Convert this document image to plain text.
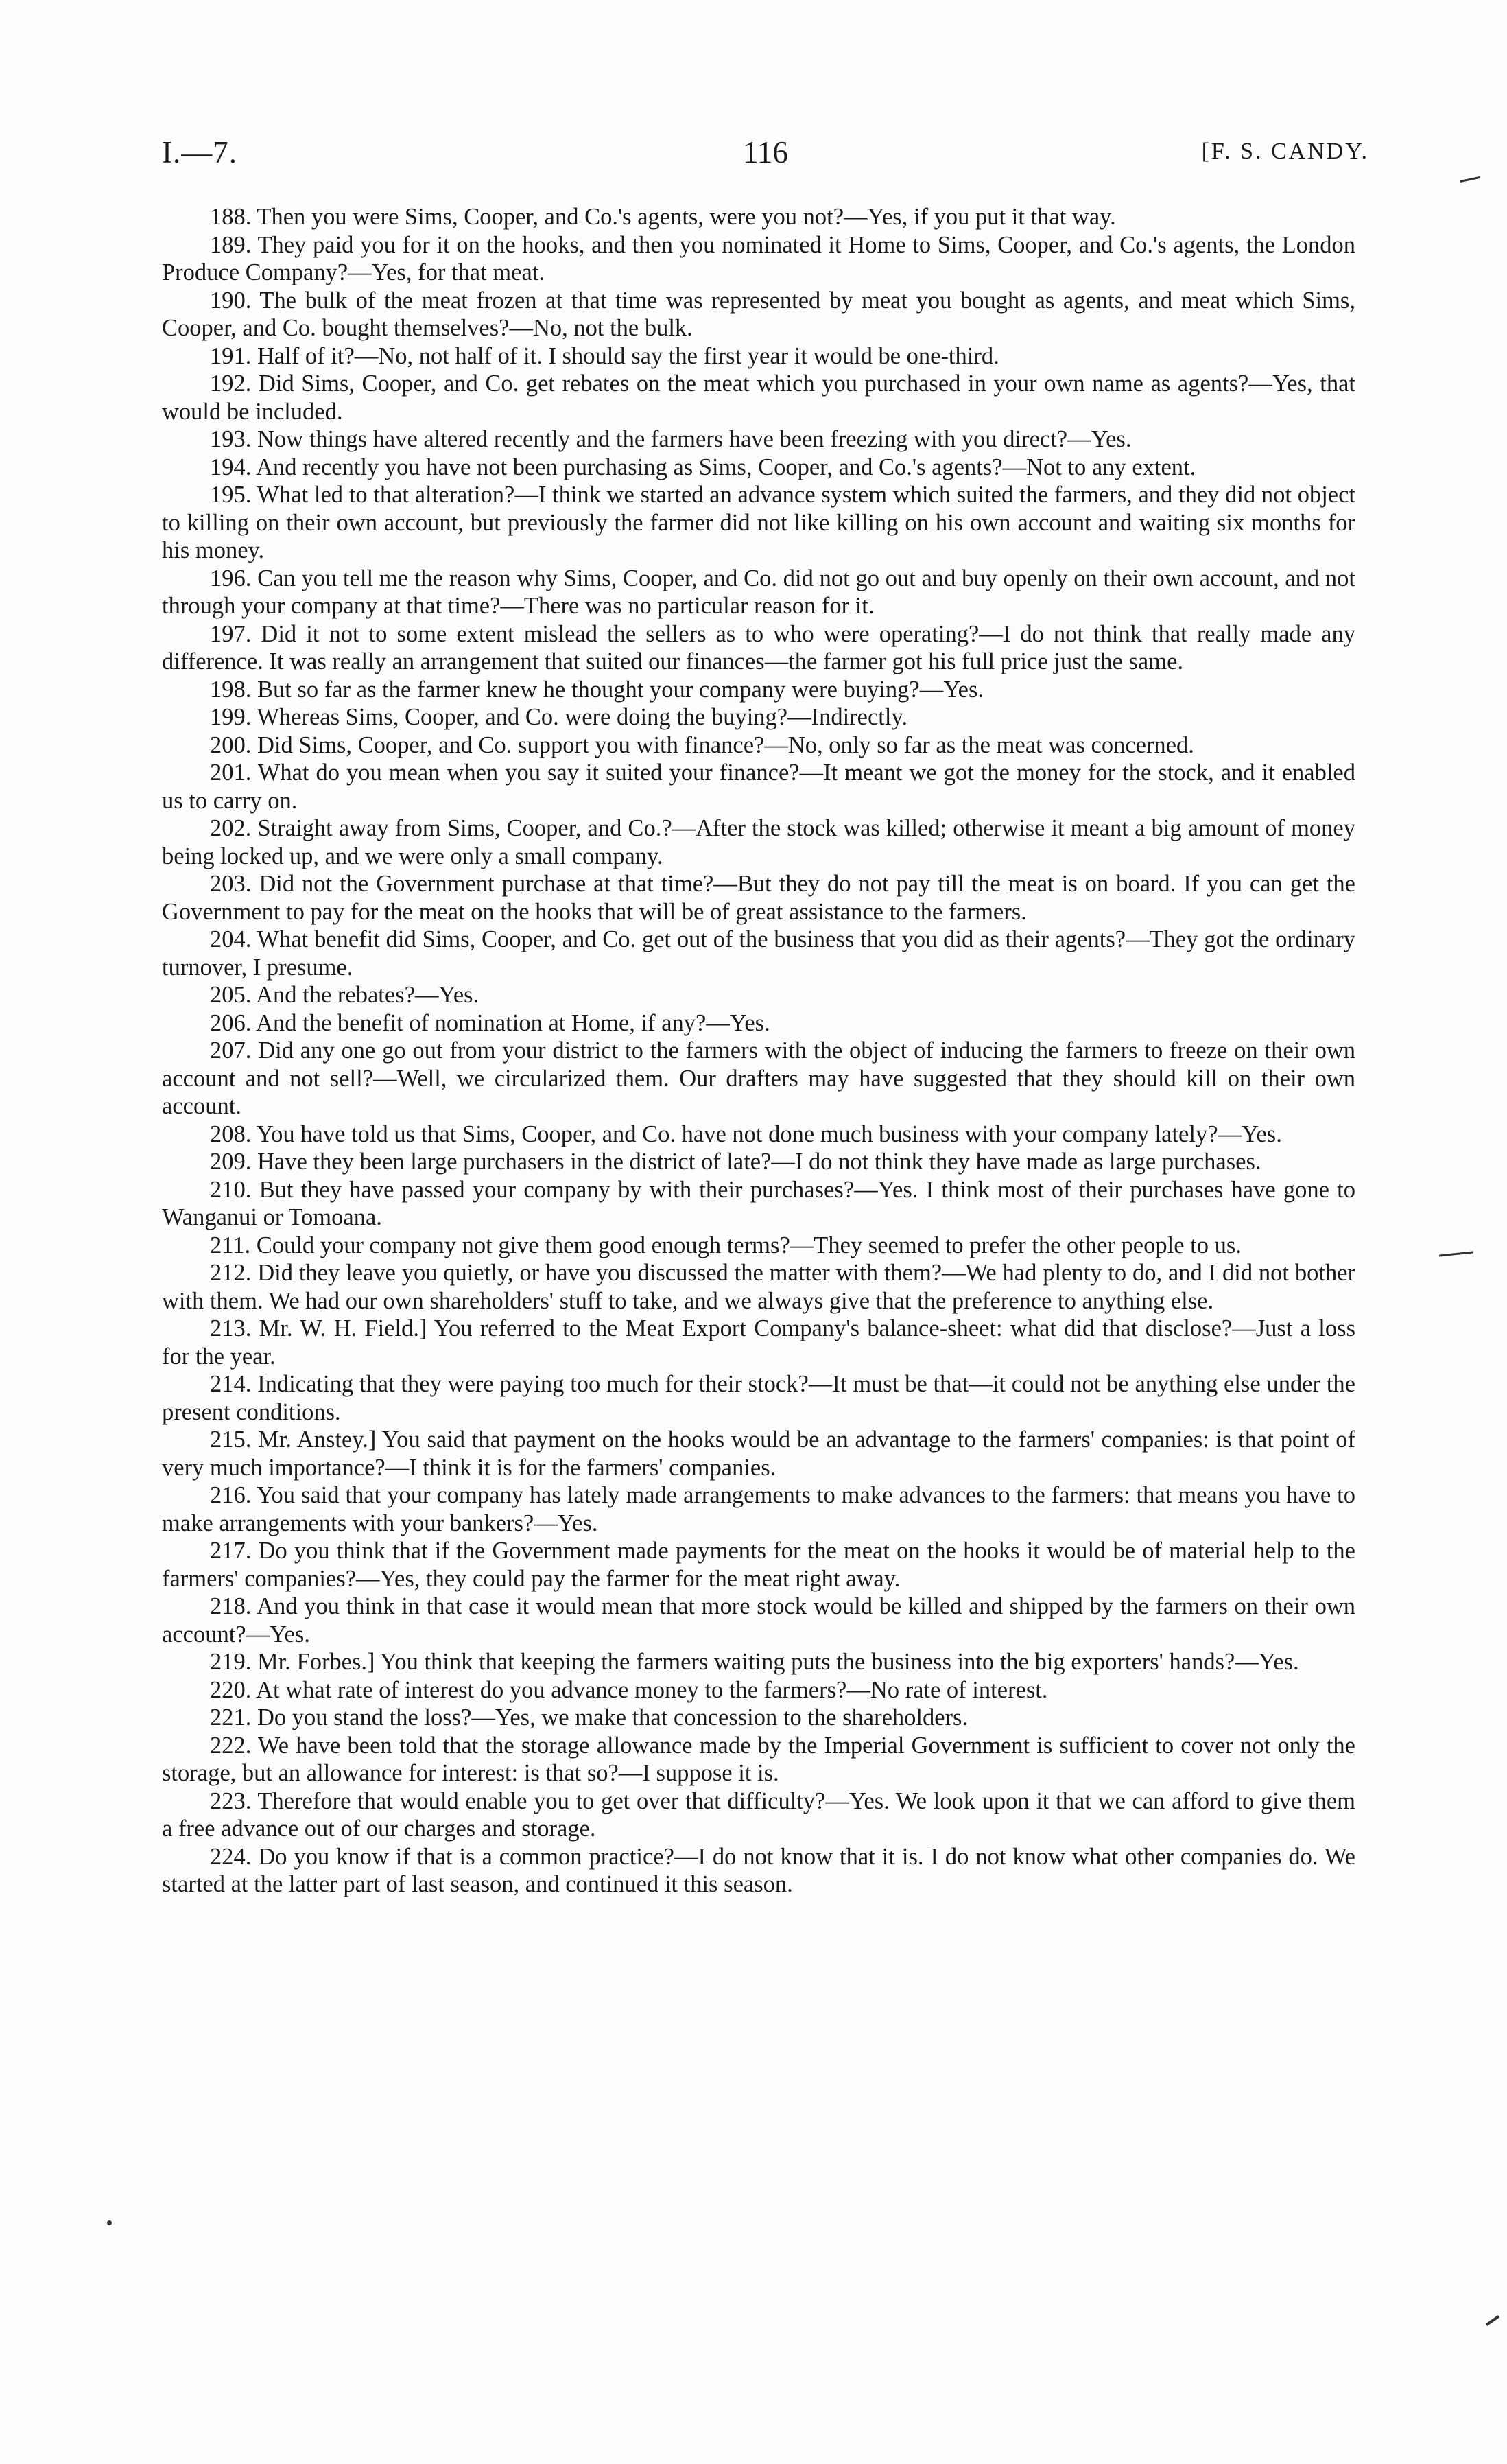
I.—7.	116	[F. S. CANDY.

188. Then you were Sims, Cooper, and Co.'s agents, were you not?—Yes, if you put it that way.

189. They paid you for it on the hooks, and then you nominated it Home to Sims, Cooper, and Co.'s agents, the London Produce Company?—Yes, for that meat.

190. The bulk of the meat frozen at that time was represented by meat you bought as agents, and meat which Sims, Cooper, and Co. bought themselves?—No, not the bulk.

191. Half of it?—No, not half of it. I should say the first year it would be one-third.

192. Did Sims, Cooper, and Co. get rebates on the meat which you purchased in your own name as agents?—Yes, that would be included.

193. Now things have altered recently and the farmers have been freezing with you direct?—Yes.

194. And recently you have not been purchasing as Sims, Cooper, and Co.'s agents?—Not to any extent.

195. What led to that alteration?—I think we started an advance system which suited the farmers, and they did not object to killing on their own account, but previously the farmer did not like killing on his own account and waiting six months for his money.

196. Can you tell me the reason why Sims, Cooper, and Co. did not go out and buy openly on their own account, and not through your company at that time?—There was no particular reason for it.

197. Did it not to some extent mislead the sellers as to who were operating?—I do not think that really made any difference. It was really an arrangement that suited our finances—the farmer got his full price just the same.

198. But so far as the farmer knew he thought your company were buying?—Yes.

199. Whereas Sims, Cooper, and Co. were doing the buying?—Indirectly.

200. Did Sims, Cooper, and Co. support you with finance?—No, only so far as the meat was concerned.

201. What do you mean when you say it suited your finance?—It meant we got the money for the stock, and it enabled us to carry on.

202. Straight away from Sims, Cooper, and Co.?—After the stock was killed; otherwise it meant a big amount of money being locked up, and we were only a small company.

203. Did not the Government purchase at that time?—But they do not pay till the meat is on board. If you can get the Government to pay for the meat on the hooks that will be of great assistance to the farmers.

204. What benefit did Sims, Cooper, and Co. get out of the business that you did as their agents?—They got the ordinary turnover, I presume.

205. And the rebates?—Yes.

206. And the benefit of nomination at Home, if any?—Yes.

207. Did any one go out from your district to the farmers with the object of inducing the farmers to freeze on their own account and not sell?—Well, we circularized them. Our drafters may have suggested that they should kill on their own account.

208. You have told us that Sims, Cooper, and Co. have not done much business with your company lately?—Yes.

209. Have they been large purchasers in the district of late?—I do not think they have made as large purchases.

210. But they have passed your company by with their purchases?—Yes. I think most of their purchases have gone to Wanganui or Tomoana.

211. Could your company not give them good enough terms?—They seemed to prefer the other people to us.

212. Did they leave you quietly, or have you discussed the matter with them?—We had plenty to do, and I did not bother with them. We had our own shareholders' stuff to take, and we always give that the preference to anything else.

213. Mr. W. H. Field.] You referred to the Meat Export Company's balance-sheet: what did that disclose?—Just a loss for the year.

214. Indicating that they were paying too much for their stock?—It must be that—it could not be anything else under the present conditions.

215. Mr. Anstey.] You said that payment on the hooks would be an advantage to the farmers' companies: is that point of very much importance?—I think it is for the farmers' companies.

216. You said that your company has lately made arrangements to make advances to the farmers: that means you have to make arrangements with your bankers?—Yes.

217. Do you think that if the Government made payments for the meat on the hooks it would be of material help to the farmers' companies?—Yes, they could pay the farmer for the meat right away.

218. And you think in that case it would mean that more stock would be killed and shipped by the farmers on their own account?—Yes.

219. Mr. Forbes.] You think that keeping the farmers waiting puts the business into the big exporters' hands?—Yes.

220. At what rate of interest do you advance money to the farmers?—No rate of interest.

221. Do you stand the loss?—Yes, we make that concession to the shareholders.

222. We have been told that the storage allowance made by the Imperial Government is sufficient to cover not only the storage, but an allowance for interest: is that so?—I suppose it is.

223. Therefore that would enable you to get over that difficulty?—Yes. We look upon it that we can afford to give them a free advance out of our charges and storage.

224. Do you know if that is a common practice?—I do not know that it is. I do not know what other companies do. We started at the latter part of last season, and continued it this season.
